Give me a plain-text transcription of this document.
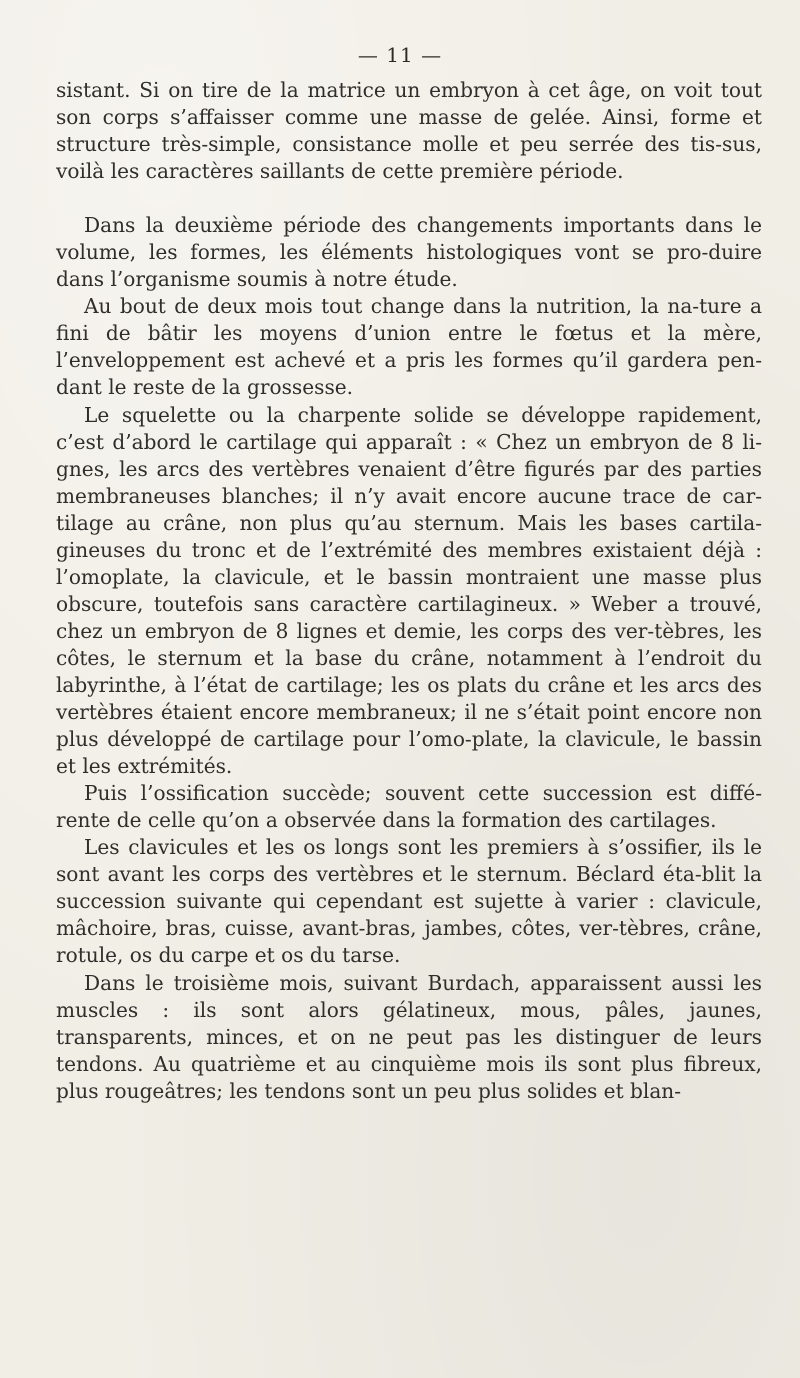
— 11 —

sistant. Si on tire de la matrice un embryon à cet âge, on voit tout son corps s’affaisser comme une masse de gelée. Ainsi, forme et structure très-simple, consistance molle et peu serrée des tis-sus, voilà les caractères saillants de cette première période.

Dans la deuxième période des changements importants dans le volume, les formes, les éléments histologiques vont se pro-duire dans l’organisme soumis à notre étude.

Au bout de deux mois tout change dans la nutrition, la na-ture a fini de bâtir les moyens d’union entre le fœtus et la mère, l’enveloppement est achevé et a pris les formes qu’il gardera pen-dant le reste de la grossesse.

Le squelette ou la charpente solide se développe rapidement, c’est d’abord le cartilage qui apparaît : « Chez un embryon de 8 li-gnes, les arcs des vertèbres venaient d’être figurés par des parties membraneuses blanches; il n’y avait encore aucune trace de car-tilage au crâne, non plus qu’au sternum. Mais les bases cartila-gineuses du tronc et de l’extrémité des membres existaient déjà : l’omoplate, la clavicule, et le bassin montraient une masse plus obscure, toutefois sans caractère cartilagineux. » Weber a trouvé, chez un embryon de 8 lignes et demie, les corps des ver-tèbres, les côtes, le sternum et la base du crâne, notamment à l’endroit du labyrinthe, à l’état de cartilage; les os plats du crâne et les arcs des vertèbres étaient encore membraneux; il ne s’était point encore non plus développé de cartilage pour l’omo-plate, la clavicule, le bassin et les extrémités.

Puis l’ossification succède; souvent cette succession est diffé-rente de celle qu’on a observée dans la formation des cartilages.

Les clavicules et les os longs sont les premiers à s’ossifier, ils le sont avant les corps des vertèbres et le sternum. Béclard éta-blit la succession suivante qui cependant est sujette à varier : clavicule, mâchoire, bras, cuisse, avant-bras, jambes, côtes, ver-tèbres, crâne, rotule, os du carpe et os du tarse.

Dans le troisième mois, suivant Burdach, apparaissent aussi les muscles : ils sont alors gélatineux, mous, pâles, jaunes, transparents, minces, et on ne peut pas les distinguer de leurs tendons. Au quatrième et au cinquième mois ils sont plus fibreux, plus rougeâtres; les tendons sont un peu plus solides et blan-
